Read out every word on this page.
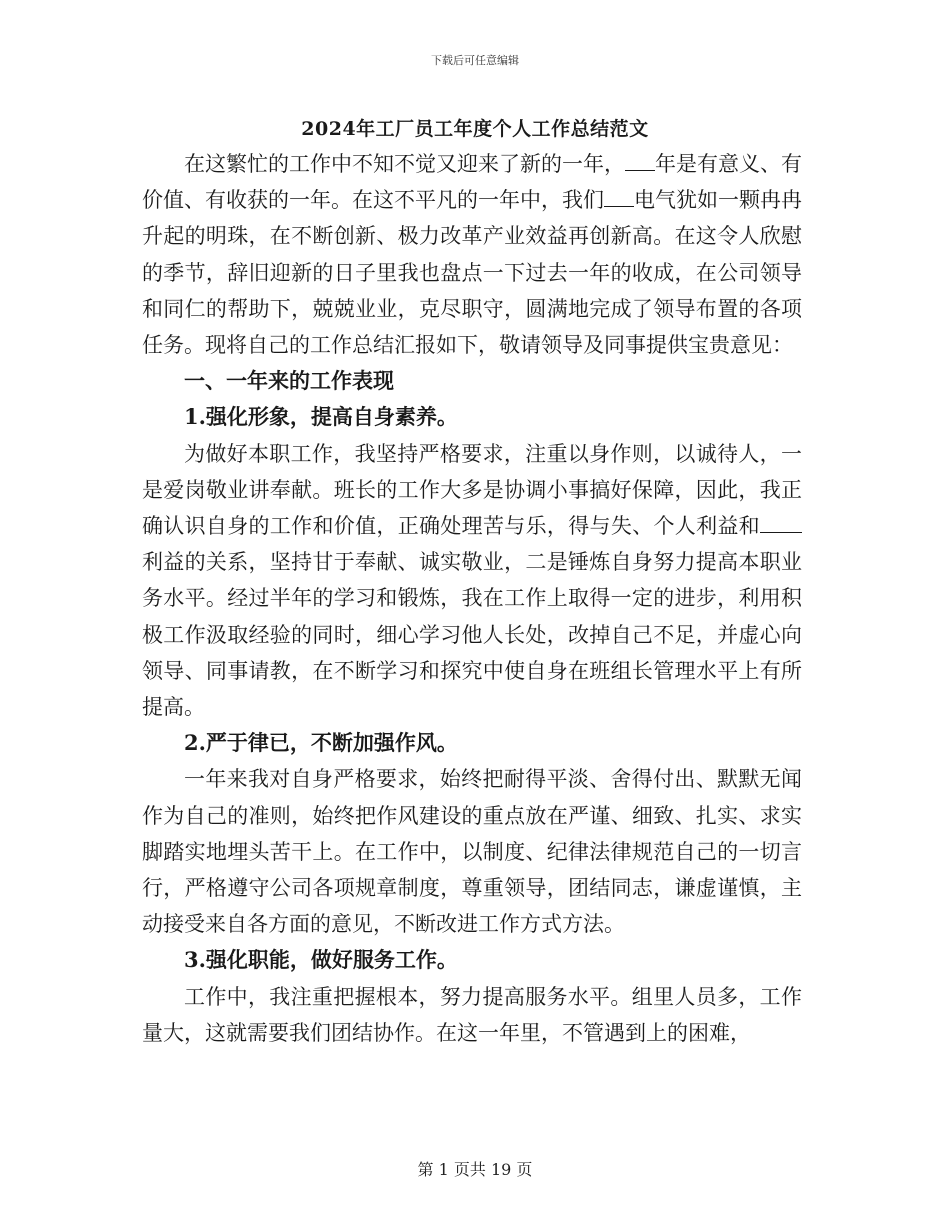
下载后可任意编辑
2024年工厂员工年度个人工作总结范文

在这繁忙的工作中不知不觉又迎来了新的一年， 年是有意义、有价值、有收获的一年。在这不平凡的一年中，我们 电气犹如一颗冉冉升起的明珠，在不断创新、极力改革产业效益再创新高。在这令人欣慰的季节，辞旧迎新的日子里我也盘点一下过去一年的收成，在公司领导和同仁的帮助下，兢兢业业，克尽职守，圆满地完成了领导布置的各项任务。现将自己的工作总结汇报如下，敬请领导及同事提供宝贵意见：

一、一年来的工作表现

1.强化形象，提高自身素养。

为做好本职工作，我坚持严格要求，注重以身作则，以诚待人，一是爱岗敬业讲奉献。班长的工作大多是协调小事搞好保障，因此，我正确认识自身的工作和价值，正确处理苦与乐，得与失、个人利益和利益的关系，坚持甘于奉献、诚实敬业，二是锤炼自身努力提高本职业务水平。经过半年的学习和锻炼，我在工作上取得一定的进步，利用积极工作汲取经验的同时，细心学习他人长处，改掉自己不足，并虚心向领导、同事请教，在不断学习和探究中使自身在班组长管理水平上有所提高。

2.严于律已，不断加强作风。

一年来我对自身严格要求，始终把耐得平淡、舍得付出、默默无闻作为自己的准则，始终把作风建设的重点放在严谨、细致、扎实、求实脚踏实地埋头苦干上。在工作中，以制度、纪律法律规范自己的一切言行，严格遵守公司各项规章制度，尊重领导，团结同志，谦虚谨慎，主动接受来自各方面的意见，不断改进工作方式方法。

3.强化职能，做好服务工作。

工作中，我注重把握根本，努力提高服务水平。组里人员多，工作量大，这就需要我们团结协作。在这一年里，不管遇到上的困难，

第 1 页共 19 页
